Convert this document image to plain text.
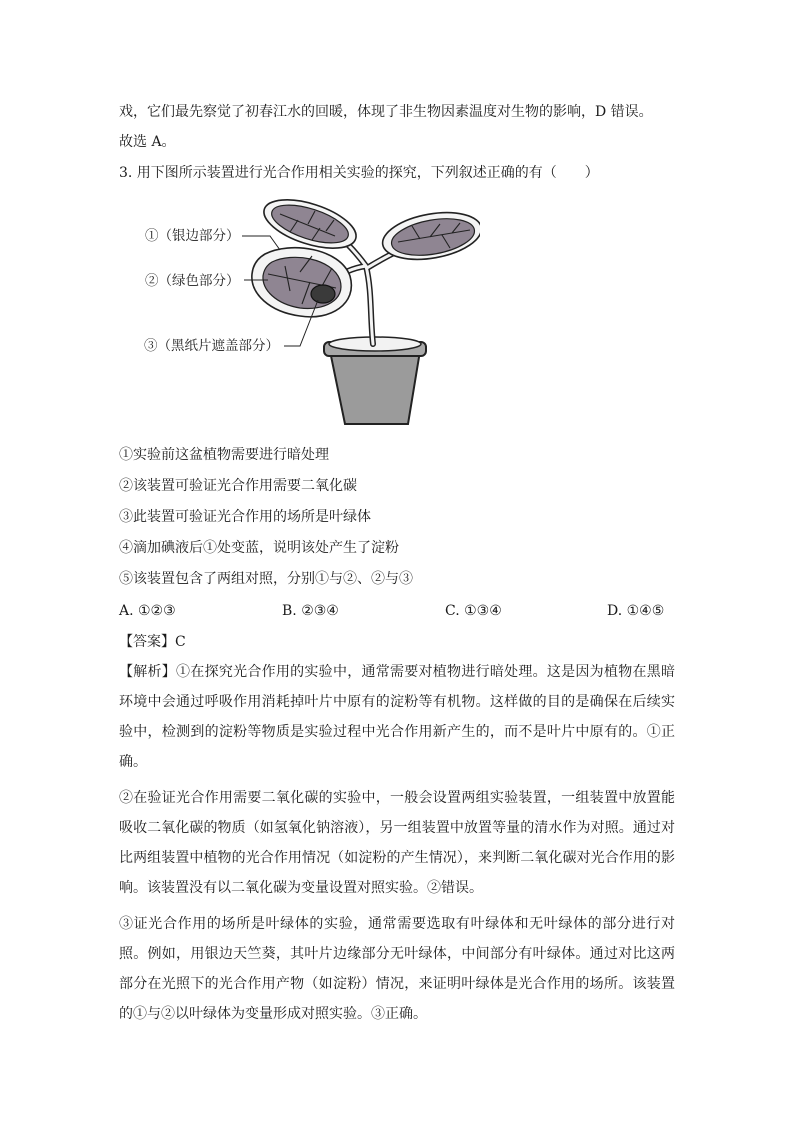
戏，它们最先察觉了初春江水的回暖，体现了非生物因素温度对生物的影响，D 错误。
故选 A。
3. 用下图所示装置进行光合作用相关实验的探究，下列叙述正确的有（　　）
①（银边部分）
②（绿色部分）
③（黑纸片遮盖部分）
①实验前这盆植物需要进行暗处理
②该装置可验证光合作用需要二氧化碳
③此装置可验证光合作用的场所是叶绿体
④滴加碘液后①处变蓝，说明该处产生了淀粉
⑤该装置包含了两组对照，分别①与②、②与③
A. ①②③	B. ②③④	C. ①③④	D. ①④⑤
【答案】C
【解析】①在探究光合作用的实验中，通常需要对植物进行暗处理。这是因为植物在黑暗环境中会通过呼吸作用消耗掉叶片中原有的淀粉等有机物。这样做的目的是确保在后续实验中，检测到的淀粉等物质是实验过程中光合作用新产生的，而不是叶片中原有的。①正确。
②在验证光合作用需要二氧化碳的实验中，一般会设置两组实验装置，一组装置中放置能吸收二氧化碳的物质（如氢氧化钠溶液），另一组装置中放置等量的清水作为对照。通过对比两组装置中植物的光合作用情况（如淀粉的产生情况），来判断二氧化碳对光合作用的影响。该装置没有以二氧化碳为变量设置对照实验。②错误。
③证光合作用的场所是叶绿体的实验，通常需要选取有叶绿体和无叶绿体的部分进行对照。例如，用银边天竺葵，其叶片边缘部分无叶绿体，中间部分有叶绿体。通过对比这两部分在光照下的光合作用产物（如淀粉）情况，来证明叶绿体是光合作用的场所。该装置的①与②以叶绿体为变量形成对照实验。③正确。
